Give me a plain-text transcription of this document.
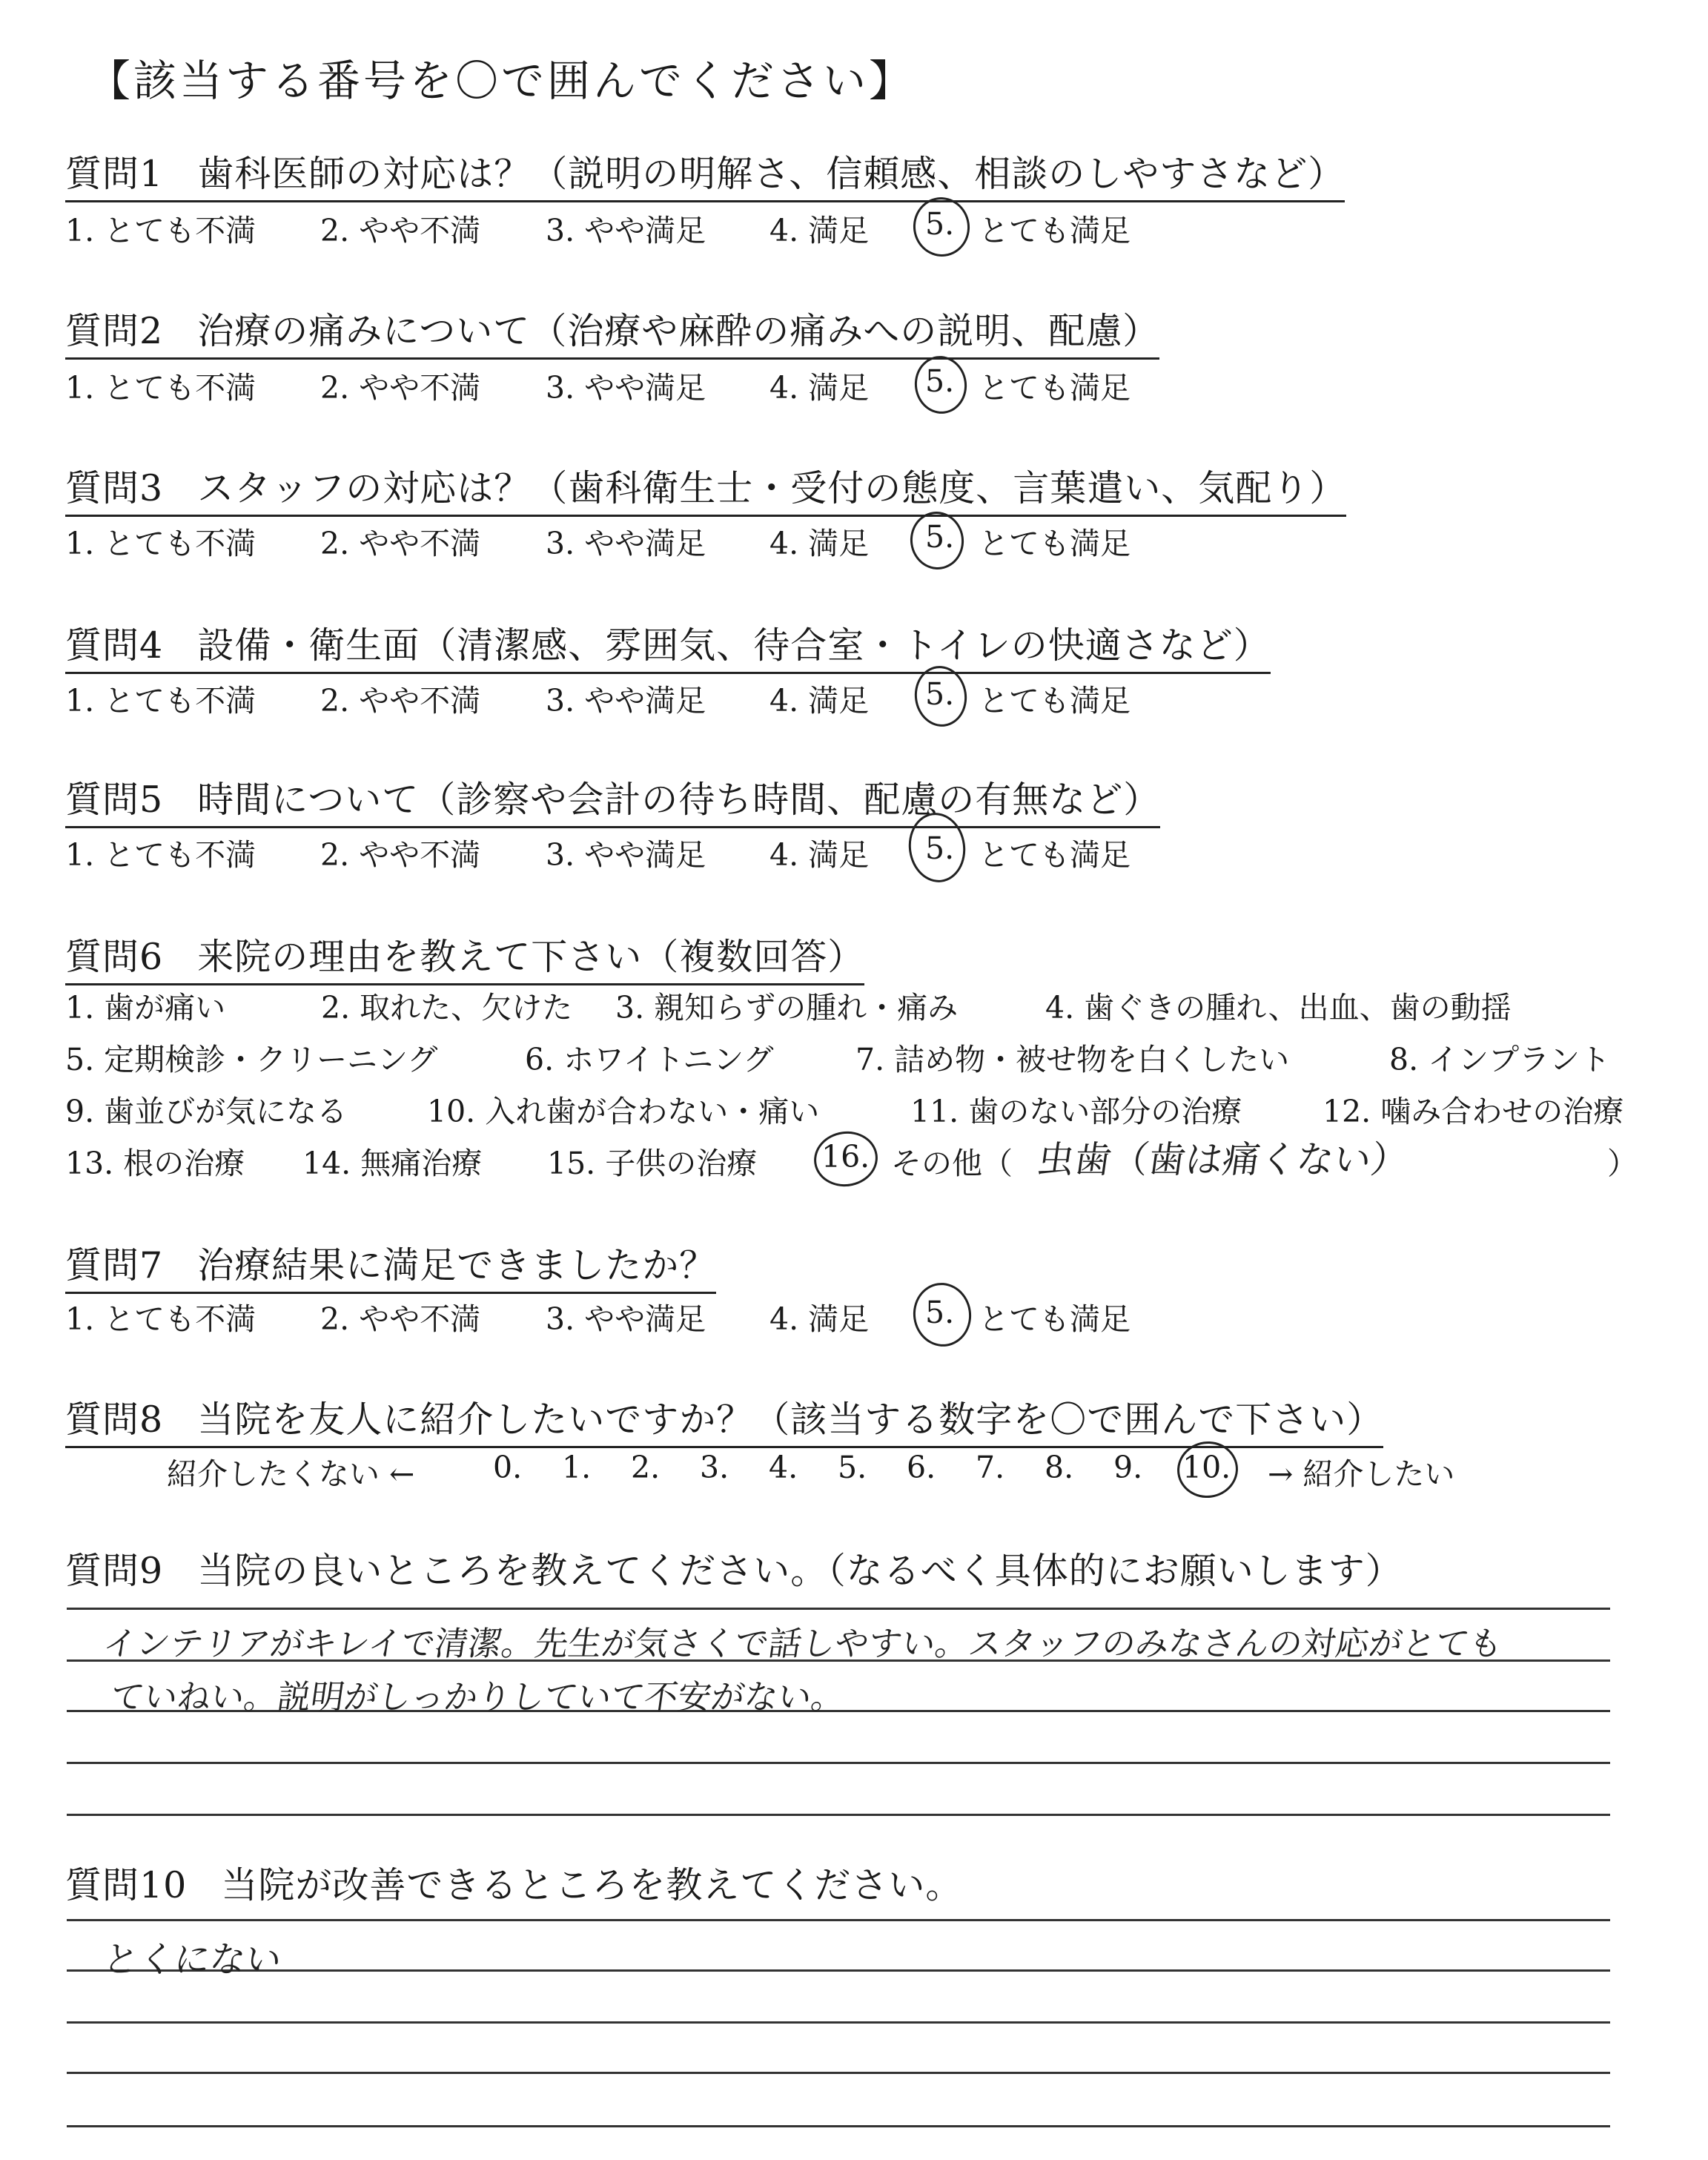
【該当する番号を〇で囲んでください】
質問1 歯科医師の対応は？（説明の明解さ、信頼感、相談のしやすさなど）
1. とても不満 2. やや不満 3. やや満足 4. 満足 5. とても満足
質問2 治療の痛みについて（治療や麻酔の痛みへの説明、配慮）
1. とても不満 2. やや不満 3. やや満足 4. 満足 5. とても満足
質問3 スタッフの対応は？（歯科衛生士・受付の態度、言葉遣い、気配り）
1. とても不満 2. やや不満 3. やや満足 4. 満足 5. とても満足
質問4 設備・衛生面（清潔感、雰囲気、待合室・トイレの快適さなど）
1. とても不満 2. やや不満 3. やや満足 4. 満足 5. とても満足
質問5 時間について（診察や会計の待ち時間、配慮の有無など）
1. とても不満 2. やや不満 3. やや満足 4. 満足 5. とても満足
質問6 来院の理由を教えて下さい（複数回答）
1. 歯が痛い	2. 取れた、欠けた 3. 親知らずの腫れ・痛み	4. 歯ぐきの腫れ、出血、歯の動揺
5. 定期検診・クリーニング	6. ホワイトニング	7. 詰め物・被せ物を白くしたい	8. インプラント
9. 歯並びが気になる	10. 入れ歯が合わない・痛い	11. 歯のない部分の治療	12. 噛み合わせの治療
13. 根の治療 14. 無痛治療 15. 子供の治療 16. その他（	）
虫歯（歯は痛くない）
質問7 治療結果に満足できましたか？
1. とても不満 2. やや不満 3. やや満足 4. 満足 5. とても満足
質問8 当院を友人に紹介したいですか？（該当する数字を〇で囲んで下さい）
紹介したくない ←	0. 1. 2. 3. 4. 5. 6. 7. 8. 9. 10. → 紹介したい
質問9 当院の良いところを教えてください。（なるべく具体的にお願いします）
インテリアがキレイで清潔。先生が気さくで話しやすい。スタッフのみなさんの対応がとても
ていねい。説明がしっかりしていて不安がない。
質問10 当院が改善できるところを教えてください。
とくにない
